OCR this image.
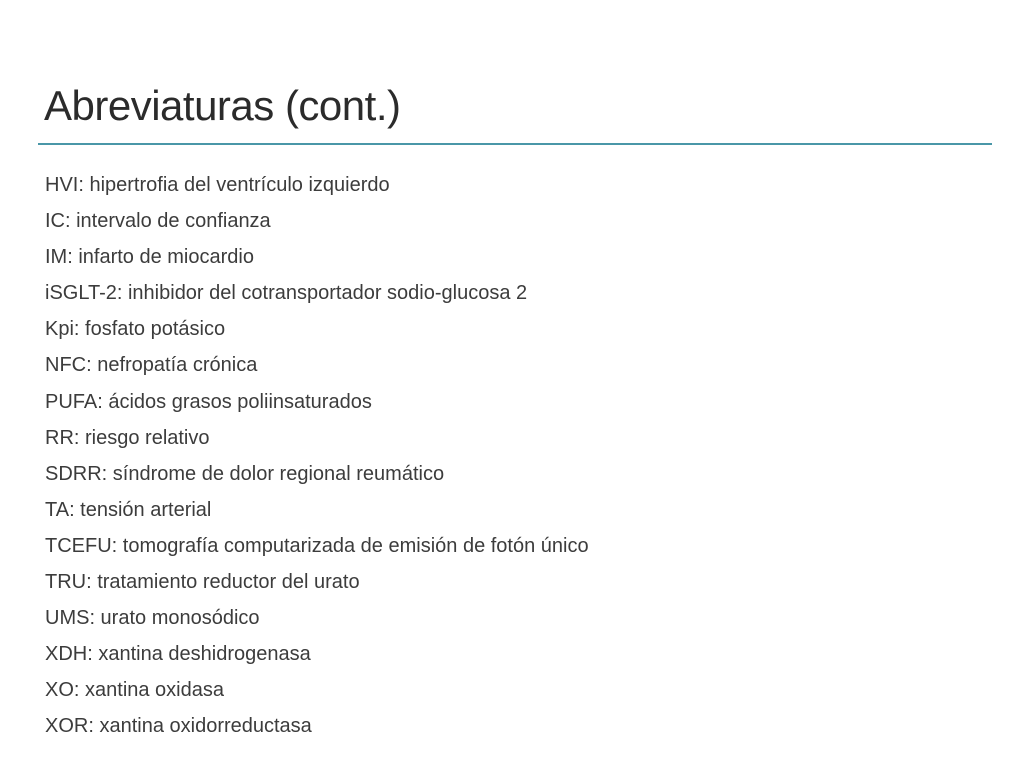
Abreviaturas (cont.)
HVI: hipertrofia del ventrículo izquierdo
IC: intervalo de confianza
IM: infarto de miocardio
iSGLT-2: inhibidor del cotransportador sodio-glucosa 2
Kpi: fosfato potásico
NFC: nefropatía crónica
PUFA: ácidos grasos poliinsaturados
RR: riesgo relativo
SDRR: síndrome de dolor regional reumático
TA: tensión arterial
TCEFU: tomografía computarizada de emisión de fotón único
TRU: tratamiento reductor del urato
UMS: urato monosódico
XDH: xantina deshidrogenasa
XO: xantina oxidasa
XOR: xantina oxidorreductasa
